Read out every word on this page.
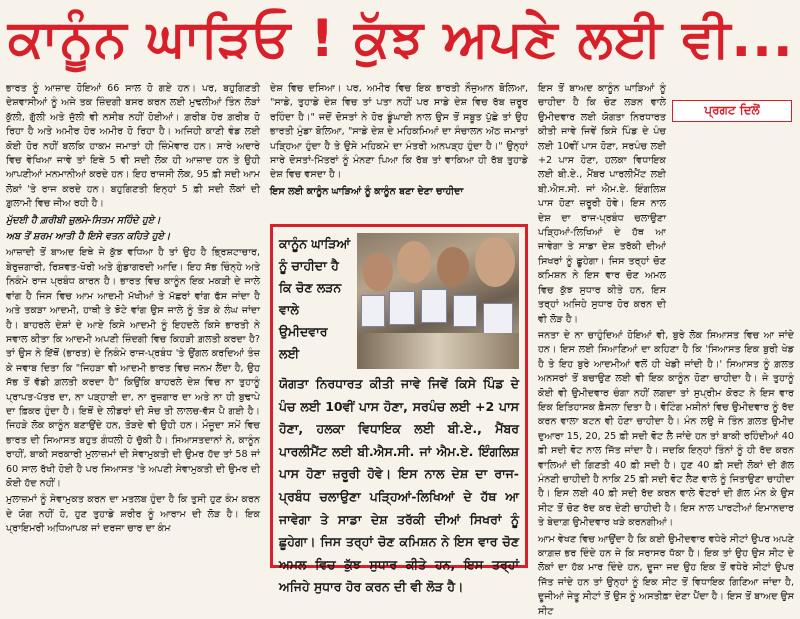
ਕਾਨੂੰਨ ਘਾੜਿਓ ! ਕੁੱਝ ਅਪਣੇ ਲਈ ਵੀ...

ਭਾਰਤ ਨੂੰ ਆਜ਼ਾਦ ਹੋਇਆਂ 66 ਸਾਲ ਹੋ ਗਏ ਹਨ। ਪਰ, ਬਹੁਗਿਣਤੀ ਦੇਸ਼ਵਾਸੀਆਂ ਨੂੰ ਅਜੇ ਤਕ ਜ਼ਿੰਦਗੀ ਬਸਰ ਕਰਨ ਲਈ ਮੁਢਲੀਆਂ ਤਿੰਨ ਲੋੜਾਂ ਕੁੱਲੀ, ਗੁੱਲੀ ਅਤੇ ਜੁੱਲੀ ਵੀ ਨਸੀਬ ਨਹੀਂ ਹੋਈਆਂ। ਗ਼ਰੀਬ ਹੋਰ ਗ਼ਰੀਬ ਹੋ ਰਿਹਾ ਹੈ ਅਤੇ ਅਮੀਰ ਹੋਰ ਅਮੀਰ ਹੋ ਰਿਹਾ ਹੈ। ਅਜਿਹੀ ਕਾਣੀ ਵੰਡ ਲਈ ਕੋਈ ਹੋਰ ਨਹੀਂ ਬਲਕਿ ਹਾਕਮ ਜਮਾਤਾਂ ਹੀ ਜ਼ਿੰਮੇਵਾਰ ਹਨ। ਸਾਰੇ ਅਦਾਰੇ ਵਿਚ ਵੇਖਿਆ ਜਾਵੇ ਤਾਂ ਇਥੇ 5 ਵੀ ਸਦੀ ਲੋਕ ਹੀ ਆਜ਼ਾਦ ਹਨ ਤੇ ਉਹੀ ਆਪਣੀਆਂ ਮਨਮਾਨੀਆਂ ਕਰਦੇ ਹਨ। ਇਹ ਰਾਜਸੀ ਲੋਕ, 95 ਫ਼ੀ ਸਦੀ ਆਮ ਲੋਕਾਂ 'ਤੇ ਰਾਜ ਕਰਦੇ ਹਨ। ਬਹੁਗਿਣਤੀ ਇਨ੍ਹਾਂ 5 ਫ਼ੀ ਸਦੀ ਲੋਕਾਂ ਦੀ ਗ਼ੁਲਾਮੀ ਵਿਚ ਜੀਅ ਰਹੀ ਹੈ।

ਮੁੱਦਈ ਹੈ ਗ਼ਰੀਬੀ ਜ਼ੁਲਮੋ-ਸਿਤਮ ਸਹਿੰਦੇ ਹੁਏ।

ਅਬ ਤੋਂ ਸ਼ਰਮ ਆਤੀ ਹੈ ਇਸੇ ਵਤਨ ਕਹਿਤੇ ਹੁਏ।

ਆਜ਼ਾਦੀ ਤੋਂ ਬਾਅਦ ਇਥੇ ਜੇ ਕੁੱਝ ਵਧਿਆ ਹੈ ਤਾਂ ਉਹ ਹੈ ਭ੍ਰਿਸ਼ਟਾਚਾਰ, ਬੇਰੁਜ਼ਗਾਰੀ, ਰਿਸ਼ਵਤ-ਖੋਰੀ ਅਤੇ ਗੁੰਡਾਗਰਦੀ ਆਦਿ। ਇਹ ਸੱਭ ਚਿੰਨ੍ਹੇ ਅਤੇ ਨਿਕੰਮੇ ਰਾਜ ਪ੍ਰਬੰਧ ਕਾਰਨ ਹੈ। ਭਾਰਤ ਵਿਚ ਕਾਨੂੰਨ ਇਕ ਮਕੜੀ ਦੇ ਜਾਲੇ ਵਾਂਗ ਹੈ ਜਿਸ ਵਿਚ ਆਮ ਆਦਮੀ ਮੱਖੀਆਂ ਤੇ ਮੱਛਰਾਂ ਵਾਂਗ ਫੱਸ ਜਾਂਦਾ ਹੈ ਅਤੇ ਤਕੜਾ ਆਦਮੀ, ਹਾਥੀ ਤੇ ਝੋਟੇ ਵਾਂਗ ਉਸ ਜਾਲੇ ਨੂੰ ਤੋੜ ਕੇ ਲੰਘ ਜਾਂਦਾ ਹੈ। ਬਾਹਰਲੇ ਦੇਸ਼ਾਂ ਦੇ ਆਏ ਕਿਸੇ ਆਦਮੀ ਨੂੰ ਇਹਦਲੇ ਕਿਸੇ ਭਾਰਤੀ ਨੇ ਸਵਾਲ ਕੀਤਾ ਕਿ ਆਦਮੀ ਅਪਣੀ ਜ਼ਿੰਦਗੀ ਵਿਚ ਕਿਹੜੀ ਗ਼ਲਤੀ ਕਰਦਾ ਹੈ? ਤਾਂ ਉਸ ਨੇ ਇੱਥੋਂ (ਭਾਰਤ) ਦੇ ਨਿਕੰਮੇ ਰਾਜ-ਪ੍ਰਬੰਧ 'ਤੇ ਉਂਗਲ ਕਰਦਿਆਂ ਤੰਜ਼ ਕੇ ਜਵਾਬ ਦਿਤਾ ਕਿ "ਜਿਹੜਾ ਵੀ ਆਦਮੀ ਭਾਰਤ ਵਿਚ ਜਨਮ ਲੈਂਦਾ ਹੈ, ਉਹ ਸੱਭ ਤੋਂ ਵੱਡੀ ਗ਼ਲਤੀ ਕਰਦਾ ਹੈ" ਕਿਉਂਕਿ ਬਾਹਰਲੇ ਦੇਸ਼ ਵਿਚ ਨਾ ਤੁਹਾਨੂੰ ਪ੍ਰਾਪਤ-ਪੱਤਰ ਦਾ, ਨਾ ਪੜ੍ਹਾਈ ਦਾ, ਨਾ ਰੁਜ਼ਗਾਰ ਦਾ ਅਤੇ ਨਾ ਹੀ ਬੁਢਾਪੇ ਦਾ ਫ਼ਿਕਰ ਹੁੰਦਾ ਹੈ। ਇਥੋਂ ਦੇ ਲੀਡਰਾਂ ਦੀ ਸੋਚ ਤੀ ਲਾਲਚ-ਵੱਸ ਪੈ ਗਈ ਹੈ। ਜਿਹੜੇ ਲੋਕ ਕਾਨੂੰਨ ਬਣਾਉਂਦੇ ਹਨ, ਤੋੜਦੇ ਵੀ ਉਹੀ ਹਨ। ਮੌਜੂਦਾ ਸਮੇਂ ਵਿਚ ਭਾਰਤ ਦੀ ਸਿਆਸਤ ਬਹੁਤ ਗੰਧਲੀ ਹੋ ਚੁੱਕੀ ਹੈ। ਸਿਆਸਤਦਾਨਾਂ ਨੇ, ਕਾਨੂੰਨ ਰਾਹੀਂ, ਬਾਕੀ ਸਰਕਾਰੀ ਮੁਲਾਜ਼ਮਾਂ ਦੀ ਸੇਵਾਮੁਕਤੀ ਦੀ ਉਮਰ ਹੱਦ ਤਾਂ 58 ਜਾਂ 60 ਸਾਲ ਰੱਖੀ ਹੋਈ ਹੈ ਪਰ ਸਿਆਸਤ 'ਤੇ ਅਪਣੀ ਸੇਵਾਮੁਕਤੀ ਦੀ ਉਮਰ ਦੀ ਕੋਈ ਹੱਦ ਨਹੀਂ।

ਮੁਲਾਜ਼ਮਾਂ ਨੂੰ ਸੇਵਾਮੁਕਤ ਕਰਨ ਦਾ ਮਤਲਬ ਹੁੰਦਾ ਹੈ ਕਿ ਤੁਸੀ ਹੁਣ ਕੰਮ ਕਰਨ ਦੇ ਯੋਗ ਨਹੀਂ ਹੋ, ਹੁਣ ਤੁਹਾਡੇ ਸ਼ਰੀਰ ਨੂੰ ਆਰਾਮ ਦੀ ਲੋੜ ਹੈ। ਇਕ ਪ੍ਰਾਇਮਰੀ ਅਧਿਆਪਕ ਜਾਂ ਦਰਜਾ ਚਾਰ ਦਾ ਕੰਮ

ਦੇਸ਼ ਵਿਚ ਦਸਿਆ। ਪਰ, ਅਮੀਰ ਵਿਚ ਇਕ ਭਾਰਤੀ ਨੌਜੁਆਨ ਬੋਲਿਆ, "ਸਾਡੇ, ਤੁਹਾਡੇ ਦੇਸ਼ ਵਿਚ ਤਾਂ ਪਤਾ ਨਹੀਂ ਪਰ ਸਾਡੇ ਦੇਸ਼ ਵਿਚ ਰੱਬ ਜ਼ਰੂਰ ਰਹਿੰਦਾ ਹੈ।" ਜਦੋਂ ਦੋਸਤਾਂ ਨੇ ਹੋਰ ਡੂੰਘਾਈ ਨਾਲ ਉਸ ਤੋਂ ਸਬੂਤ ਪੁੱਛੇ ਤਾਂ ਉਹ ਭਾਰਤੀ ਮੁੰਡਾ ਬੋਲਿਆ, "ਸਾਡੇ ਦੇਸ਼ ਦੇ ਮਹਿਕਮਿਆਂ ਦਾ ਸੰਚਾਲਨ ਅੱਠ ਜਮਾਤਾਂ ਪੜ੍ਹਿਆ ਹੁੰਦਾ ਹੈ ਤੇ ਉਸੇ ਮਹਿਕਮੇ ਦਾ ਮੰਤਰੀ ਅਨਪੜ੍ਹ ਹੁੰਦਾ ਹੈ।" ਉਨ੍ਹਾਂ ਸਾਰੇ ਦੋਸਤਾਂ-ਮਿੱਤਰਾਂ ਨੂੰ ਮੰਨਣਾ ਪਿਆ ਕਿ ਰੱਬ ਤਾਂ ਵਾਕਿਆ ਹੀ ਰੱਬ ਤੁਹਾਡੇ ਦੇਸ਼ ਵਿਚ ਵਸਦਾ ਹੈ।

ਇਸ ਲਈ ਕਾਨੂੰਨ ਘਾੜਿਆਂ ਨੂੰ ਕਾਨੂੰਨ ਬਣਾ ਦੇਣਾ ਚਾਹੀਦਾ

ਇਸ ਤੋਂ ਬਾਅਦ ਕਾਨੂੰਨ ਘਾੜਿਆਂ ਨੂੰ ਚਾਹੀਦਾ ਹੈ ਕਿ ਚੋਣ ਲੜਨ ਵਾਲੇ ਉਮੀਦਵਾਰ ਲਈ ਯੋਗਤਾ ਨਿਰਧਾਰਤ ਕੀਤੀ ਜਾਵੇ ਜਿਵੇਂ ਕਿਸੇ ਪਿੰਡ ਦੇ ਪੰਚ ਲਈ 10ਵੀਂ ਪਾਸ ਹੋਣਾ, ਸਰਪੰਚ ਲਈ +2 ਪਾਸ ਹੋਣਾ, ਹਲਕਾ ਵਿਧਾਇਕ ਲਈ ਬੀ.ਏ., ਮੈਂਬਰ ਪਾਰਲੀਮੈਂਟ ਲਈ ਬੀ.ਐਸ.ਸੀ. ਜਾਂ ਐਮ.ਏ. ਇੰਗਲਿਸ਼ ਪਾਸ ਹੋਣਾ ਜ਼ਰੂਰੀ ਹੋਵੇ। ਇਸ ਨਾਲ ਦੇਸ਼ ਦਾ ਰਾਜ-ਪ੍ਰਬੰਧ ਚਲਾਉਣਾ ਪੜ੍ਹਿਆਂ-ਲਿਖਿਆਂ ਦੇ ਹੱਥ ਆ ਜਾਵੇਗਾ ਤੇ ਸਾਡਾ ਦੇਸ਼ ਤਰੱਕੀ ਦੀਆਂ ਸਿਖਰਾਂ ਨੂੰ ਛੂਹੇਗਾ। ਜਿਸ ਤਰ੍ਹਾਂ ਚੋਣ ਕਮਿਸ਼ਨ ਨੇ ਇਸ ਵਾਰ ਚੋਣ ਅਮਲ ਵਿਚ ਕੁੱਝ ਸੁਧਾਰ ਕੀਤੇ ਹਨ, ਇਸ ਤਰ੍ਹਾਂ ਅਜਿਹੇ ਸੁਧਾਰ ਹੋਰ ਕਰਨ ਦੀ ਵੀ ਲੋੜ ਹੈ।

ਜਨਤਾ ਦੇ ਨਾ ਚਾਹੁੰਦਿਆਂ ਹੋਇਆਂ ਵੀ, ਬੁਰੇ ਲੋਕ ਸਿਆਸਤ ਵਿਚ ਆ ਜਾਂਦੇ ਹਨ। ਇਸ ਲਈ ਸਿਆਣਿਆਂ ਦਾ ਕਹਿਣਾ ਹੈ ਕਿ 'ਸਿਆਸਤ ਇਕ ਬੁਰੀ ਖੇਡ ਹੈ ਤੇ ਇਹ ਬੁਰੇ ਆਦਮੀਆਂ ਵਲੋਂ ਹੀ ਖੇਡੀ ਜਾਂਦੀ ਹੈ।' ਸਿਆਸਤ ਨੂੰ ਗ਼ਲਤ ਅਨਸਰਾਂ ਤੋਂ ਬਚਾਉਣ ਲਈ ਵੀ ਇਕ ਕਾਨੂੰਨ ਹੋਣਾ ਚਾਹੀਦਾ ਹੈ। ਜੇ ਤੁਹਾਨੂੰ ਕੋਈ ਵੀ ਉਮੀਦਵਾਰ ਚੰਗਾ ਨਹੀਂ ਲਗਦਾ ਤਾਂ ਸੁਪ੍ਰੀਮ ਕੋਰਟ ਨੇ ਇਸ ਵਾਰ ਇਕ ਇਤਿਹਾਸਕ ਫ਼ੈਸਲਾ ਦਿਤਾ ਹੈ। ਵੋਟਿੰਗ ਮਸ਼ੀਨਾਂ ਵਿਚ ਉਮੀਦਵਾਰ ਨੂੰ ਰੱਦ ਕਰਨ ਵਾਲਾ ਬਟਨ ਵੀ ਹੋਣਾ ਚਾਹੀਦਾ ਹੈ। ਮੰਨ ਲਉ ਜੇ ਤਿੰਨ ਗ਼ਲਤ ਉਮੀਦ ਦੁਆਰਾ 15, 20, 25 ਫ਼ੀ ਸਦੀ ਵੋਟ ਲੈ ਜਾਂਦੇ ਹਨ ਤਾਂ ਬਾਕੀ ਰਹਿੰਦੀਆਂ 40 ਫ਼ੀ ਸਦੀ ਵੋਟ ਨਾਲ ਜਿੱਤ ਜਾਂਦਾ ਹੈ। ਜਦਕਿ ਇਨ੍ਹਾਂ ਤਿੰਨਾਂ ਨੂੰ ਹੀ ਰੱਦ ਕਰਨ ਵਾਲਿਆਂ ਦੀ ਗਿਣਤੀ 40 ਫ਼ੀ ਸਦੀ ਹੈ। ਹੁਣ 40 ਫ਼ੀ ਸਦੀ ਲੋਕਾਂ ਦੀ ਗੱਲ ਮੰਨਣੀ ਚਾਹੀਦੀ ਹੈ ਨਾਕਿ 25 ਫ਼ੀ ਸਦੀ ਵੋਟ ਲੈਣ ਵਾਲੇ ਨੂੰ ਜਿਤਾਉਣਾ ਚਾਹੀਦਾ ਹੈ। ਇਸ ਲਈ 40 ਫ਼ੀ ਸਦੀ ਰੱਦ ਕਰਨ ਵਾਲੇ ਵੋਟਰਾਂ ਦੀ ਗੱਲ ਮੰਨ ਕੇ ਉਸ ਸੀਟ ਤੋਂ ਚੋਣ ਰੱਦ ਕਰ ਦੇਣੀ ਚਾਹੀਦੀ ਹੈ। ਇਸ ਨਾਲ ਪਾਰਟੀਆਂ ਇਮਾਨਦਾਰ ਤੇ ਬੇਦਾਗ਼ ਉਮੀਦਵਾਰ ਖੜੇ ਕਰਨਗੀਆਂ।

ਆਮ ਵੇਖਣ ਵਿਚ ਆਉਂਦਾ ਹੈ ਕਿ ਕਈ ਉਮੀਦਵਾਰ ਵਧੇਰੇ ਸੀਟਾਂ ਉਪਰ ਅਪਣੇ ਕਾਗ਼ਜ਼ ਭਰ ਦਿੰਦੇ ਹਨ ਜੇ ਕਿ ਸਰਾਸਰ ਧੱਕਾ ਹੈ। ਇਕ ਤਾਂ ਉਹ ਉਸ ਸੀਟ ਦੇ ਲੋਕਾਂ ਦਾ ਹੱਕ ਮਾਰ ਦਿੰਦੇ ਹਨ, ਦੂਜਾ ਜਦ ਉਹ ਇਕ ਤੋਂ ਵਧੇਰੇ ਸੀਟਾਂ ਉਪਰ ਜਿੱਤ ਜਾਂਦੇ ਹਨ ਤਾਂ ਉਨ੍ਹਾਂ ਨੂੰ ਇਕ ਸੀਟ ਤੋਂ ਵਿਧਾਇਕ ਗਿਣਿਆ ਜਾਂਦਾ ਹੈ, ਦੂਜੀਆਂ ਜੇਤੂ ਸੀਟਾਂ ਤੋਂ ਉਸ ਨੂੰ ਅਸਤੀਫ਼ਾ ਦੇਣਾ ਪੈਂਦਾ ਹੈ। ਇਸ ਤੋਂ ਬਾਅਦ ਉਸ ਸੀਟ

ਪ੍ਰਗਟ ਦਿਲੋਂ
ਕਾਨੂੰਨ ਘਾੜਿਆਂ ਨੂੰ ਚਾਹੀਦਾ ਹੈ ਕਿ ਚੋਣ ਲੜਨ ਵਾਲੇ ਉਮੀਦਵਾਰ ਲਈ
ਯੋਗਤਾ ਨਿਰਧਾਰਤ ਕੀਤੀ ਜਾਵੇ ਜਿਵੇਂ ਕਿਸੇ ਪਿੰਡ ਦੇ ਪੰਚ ਲਈ 10ਵੀਂ ਪਾਸ ਹੋਣਾ, ਸਰਪੰਚ ਲਈ +2 ਪਾਸ ਹੋਣਾ, ਹਲਕਾ ਵਿਧਾਇਕ ਲਈ ਬੀ.ਏ., ਮੈਂਬਰ ਪਾਰਲੀਮੈਂਟ ਲਈ ਬੀ.ਐਸ.ਸੀ. ਜਾਂ ਐਮ.ਏ. ਇੰਗਲਿਸ਼ ਪਾਸ ਹੋਣਾ ਜ਼ਰੂਰੀ ਹੋਵੇ। ਇਸ ਨਾਲ ਦੇਸ਼ ਦਾ ਰਾਜ-ਪ੍ਰਬੰਧ ਚਲਾਉਣਾ ਪੜ੍ਹਿਆਂ-ਲਿਖਿਆਂ ਦੇ ਹੱਥ ਆ ਜਾਵੇਗਾ ਤੇ ਸਾਡਾ ਦੇਸ਼ ਤਰੱਕੀ ਦੀਆਂ ਸਿਖਰਾਂ ਨੂੰ ਛੂਹੇਗਾ। ਜਿਸ ਤਰ੍ਹਾਂ ਚੋਣ ਕਮਿਸ਼ਨ ਨੇ ਇਸ ਵਾਰ ਚੋਣ ਅਮਲ ਵਿਚ ਕੁੱਝ ਸੁਧਾਰ ਕੀਤੇ ਹਨ, ਇਸ ਤਰ੍ਹਾਂ ਅਜਿਹੇ ਸੁਧਾਰ ਹੋਰ ਕਰਨ ਦੀ ਵੀ ਲੋੜ ਹੈ।
